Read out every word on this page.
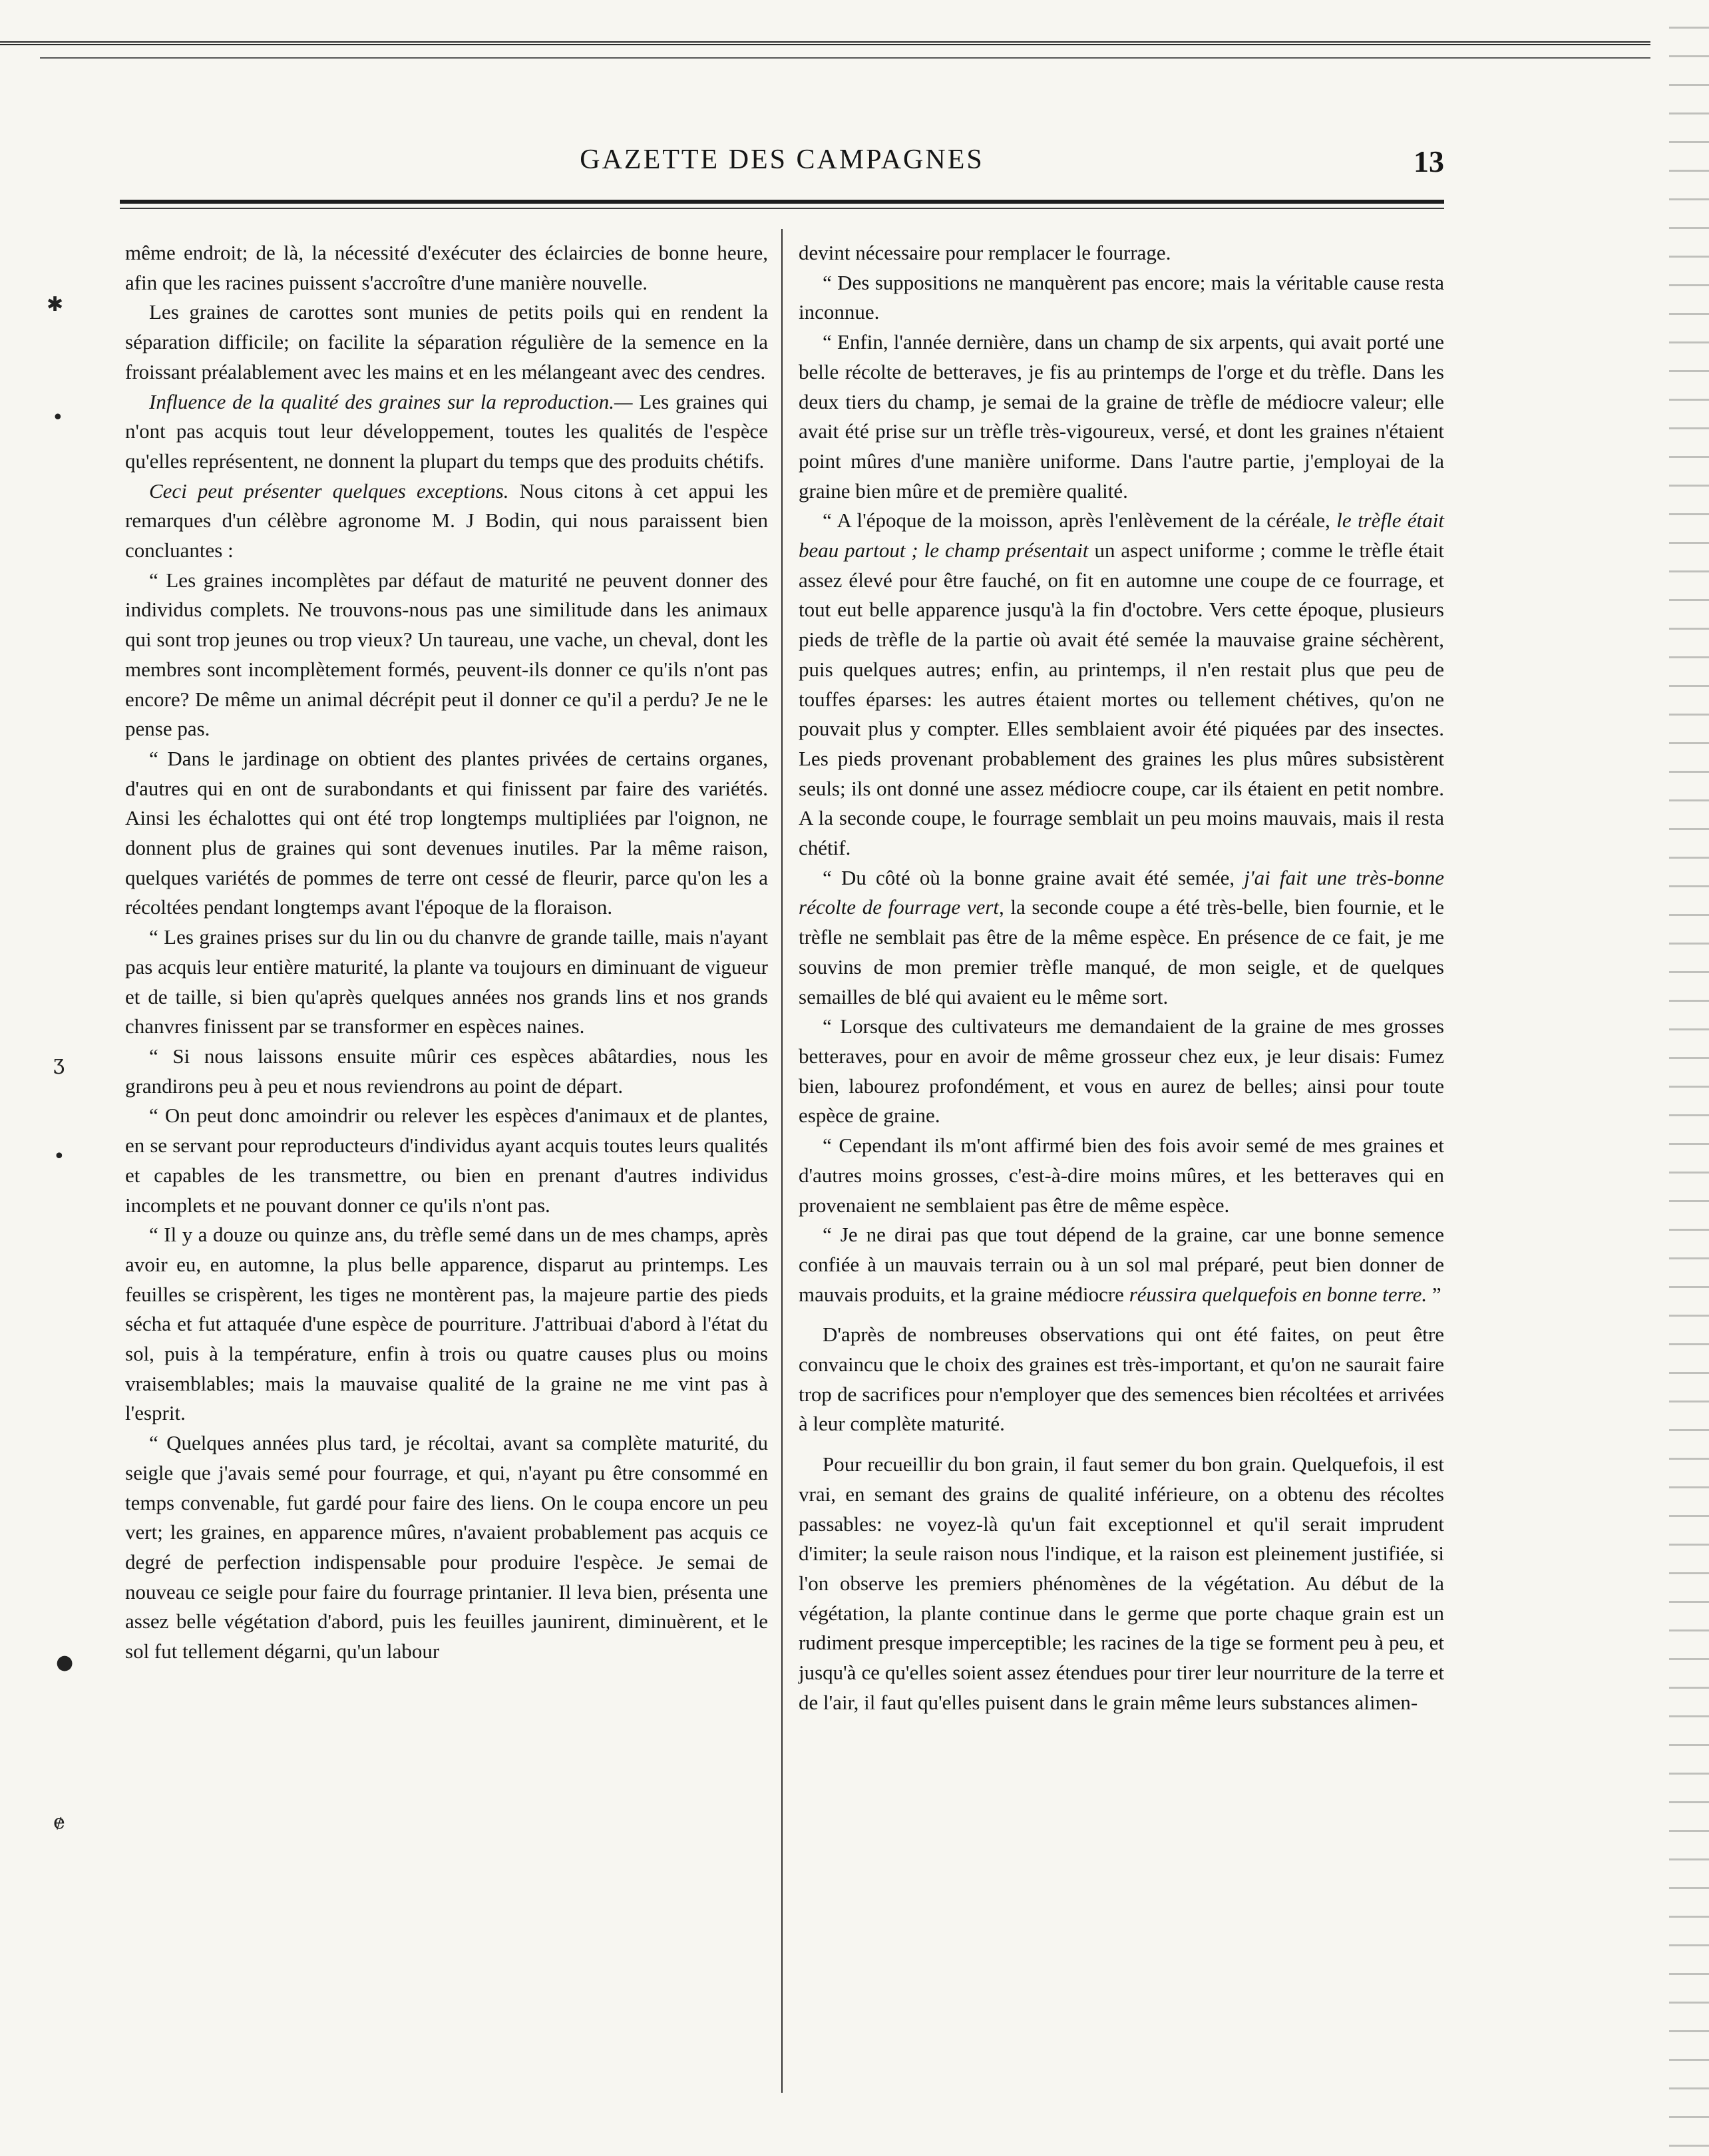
GAZETTE DES CAMPAGNES	13

même endroit; de là, la nécessité d'exécuter des éclaircies de bonne heure, afin que les racines puissent s'accroître d'une manière nouvelle.

Les graines de carottes sont munies de petits poils qui en rendent la séparation difficile; on facilite la séparation régulière de la semence en la froissant préalablement avec les mains et en les mélangeant avec des cendres.

Influence de la qualité des graines sur la reproduction.— Les graines qui n'ont pas acquis tout leur développement, toutes les qualités de l'espèce qu'elles représentent, ne donnent la plupart du temps que des produits chétifs.

Ceci peut présenter quelques exceptions. Nous citons à cet appui les remarques d'un célèbre agronome M. J Bodin, qui nous paraissent bien concluantes :

“ Les graines incomplètes par défaut de maturité ne peuvent donner des individus complets. Ne trouvons-nous pas une similitude dans les animaux qui sont trop jeunes ou trop vieux? Un taureau, une vache, un cheval, dont les membres sont incomplètement formés, peuvent-ils donner ce qu'ils n'ont pas encore? De même un animal décrépit peut il donner ce qu'il a perdu? Je ne le pense pas.

“ Dans le jardinage on obtient des plantes privées de certains organes, d'autres qui en ont de surabondants et qui finissent par faire des variétés. Ainsi les échalottes qui ont été trop longtemps multipliées par l'oignon, ne donnent plus de graines qui sont devenues inutiles. Par la même raison, quelques variétés de pommes de terre ont cessé de fleurir, parce qu'on les a récoltées pendant longtemps avant l'époque de la floraison.

“ Les graines prises sur du lin ou du chanvre de grande taille, mais n'ayant pas acquis leur entière maturité, la plante va toujours en diminuant de vigueur et de taille, si bien qu'après quelques années nos grands lins et nos grands chanvres finissent par se transformer en espèces naines.

“ Si nous laissons ensuite mûrir ces espèces abâtardies, nous les grandirons peu à peu et nous reviendrons au point de départ.

“ On peut donc amoindrir ou relever les espèces d'animaux et de plantes, en se servant pour reproducteurs d'individus ayant acquis toutes leurs qualités et capables de les transmettre, ou bien en prenant d'autres individus incomplets et ne pouvant donner ce qu'ils n'ont pas.

“ Il y a douze ou quinze ans, du trèfle semé dans un de mes champs, après avoir eu, en automne, la plus belle apparence, disparut au printemps. Les feuilles se crispèrent, les tiges ne montèrent pas, la majeure partie des pieds sécha et fut attaquée d'une espèce de pourriture. J'attribuai d'abord à l'état du sol, puis à la température, enfin à trois ou quatre causes plus ou moins vraisemblables; mais la mauvaise qualité de la graine ne me vint pas à l'esprit.

“ Quelques années plus tard, je récoltai, avant sa complète maturité, du seigle que j'avais semé pour fourrage, et qui, n'ayant pu être consommé en temps convenable, fut gardé pour faire des liens. On le coupa encore un peu vert; les graines, en apparence mûres, n'avaient probablement pas acquis ce degré de perfection indispensable pour produire l'espèce. Je semai de nouveau ce seigle pour faire du fourrage printanier. Il leva bien, présenta une assez belle végétation d'abord, puis les feuilles jaunirent, diminuèrent, et le sol fut tellement dégarni, qu'un labour

devint nécessaire pour remplacer le fourrage.

“ Des suppositions ne manquèrent pas encore; mais la véritable cause resta inconnue.

“ Enfin, l'année dernière, dans un champ de six arpents, qui avait porté une belle récolte de betteraves, je fis au printemps de l'orge et du trèfle. Dans les deux tiers du champ, je semai de la graine de trèfle de médiocre valeur; elle avait été prise sur un trèfle très-vigoureux, versé, et dont les graines n'étaient point mûres d'une manière uniforme. Dans l'autre partie, j'employai de la graine bien mûre et de première qualité.

“ A l'époque de la moisson, après l'enlèvement de la céréale, le trèfle était beau partout ; le champ présentait un aspect uniforme ; comme le trèfle était assez élevé pour être fauché, on fit en automne une coupe de ce fourrage, et tout eut belle apparence jusqu'à la fin d'octobre. Vers cette époque, plusieurs pieds de trèfle de la partie où avait été semée la mauvaise graine séchèrent, puis quelques autres; enfin, au printemps, il n'en restait plus que peu de touffes éparses: les autres étaient mortes ou tellement chétives, qu'on ne pouvait plus y compter. Elles semblaient avoir été piquées par des insectes. Les pieds provenant probablement des graines les plus mûres subsistèrent seuls; ils ont donné une assez médiocre coupe, car ils étaient en petit nombre. A la seconde coupe, le fourrage semblait un peu moins mauvais, mais il resta chétif.

“ Du côté où la bonne graine avait été semée, j'ai fait une très-bonne récolte de fourrage vert, la seconde coupe a été très-belle, bien fournie, et le trèfle ne semblait pas être de la même espèce. En présence de ce fait, je me souvins de mon premier trèfle manqué, de mon seigle, et de quelques semailles de blé qui avaient eu le même sort.

“ Lorsque des cultivateurs me demandaient de la graine de mes grosses betteraves, pour en avoir de même grosseur chez eux, je leur disais: Fumez bien, labourez profondément, et vous en aurez de belles; ainsi pour toute espèce de graine.

“ Cependant ils m'ont affirmé bien des fois avoir semé de mes graines et d'autres moins grosses, c'est-à-dire moins mûres, et les betteraves qui en provenaient ne semblaient pas être de même espèce.

“ Je ne dirai pas que tout dépend de la graine, car une bonne semence confiée à un mauvais terrain ou à un sol mal préparé, peut bien donner de mauvais produits, et la graine médiocre réussira quelquefois en bonne terre. ”

D'après de nombreuses observations qui ont été faites, on peut être convaincu que le choix des graines est très-important, et qu'on ne saurait faire trop de sacrifices pour n'employer que des semences bien récoltées et arrivées à leur complète maturité.

Pour recueillir du bon grain, il faut semer du bon grain. Quelquefois, il est vrai, en semant des grains de qualité inférieure, on a obtenu des récoltes passables: ne voyez-là qu'un fait exceptionnel et qu'il serait imprudent d'imiter; la seule raison nous l'indique, et la raison est pleinement justifiée, si l'on observe les premiers phénomènes de la végétation. Au début de la végétation, la plante continue dans le germe que porte chaque grain est un rudiment presque imperceptible; les racines de la tige se forment peu à peu, et jusqu'à ce qu'elles soient assez étendues pour tirer leur nourriture de la terre et de l'air, il faut qu'elles puisent dans le grain même leurs substances alimen-

✱
•
ʒ
•
●
ɇ
